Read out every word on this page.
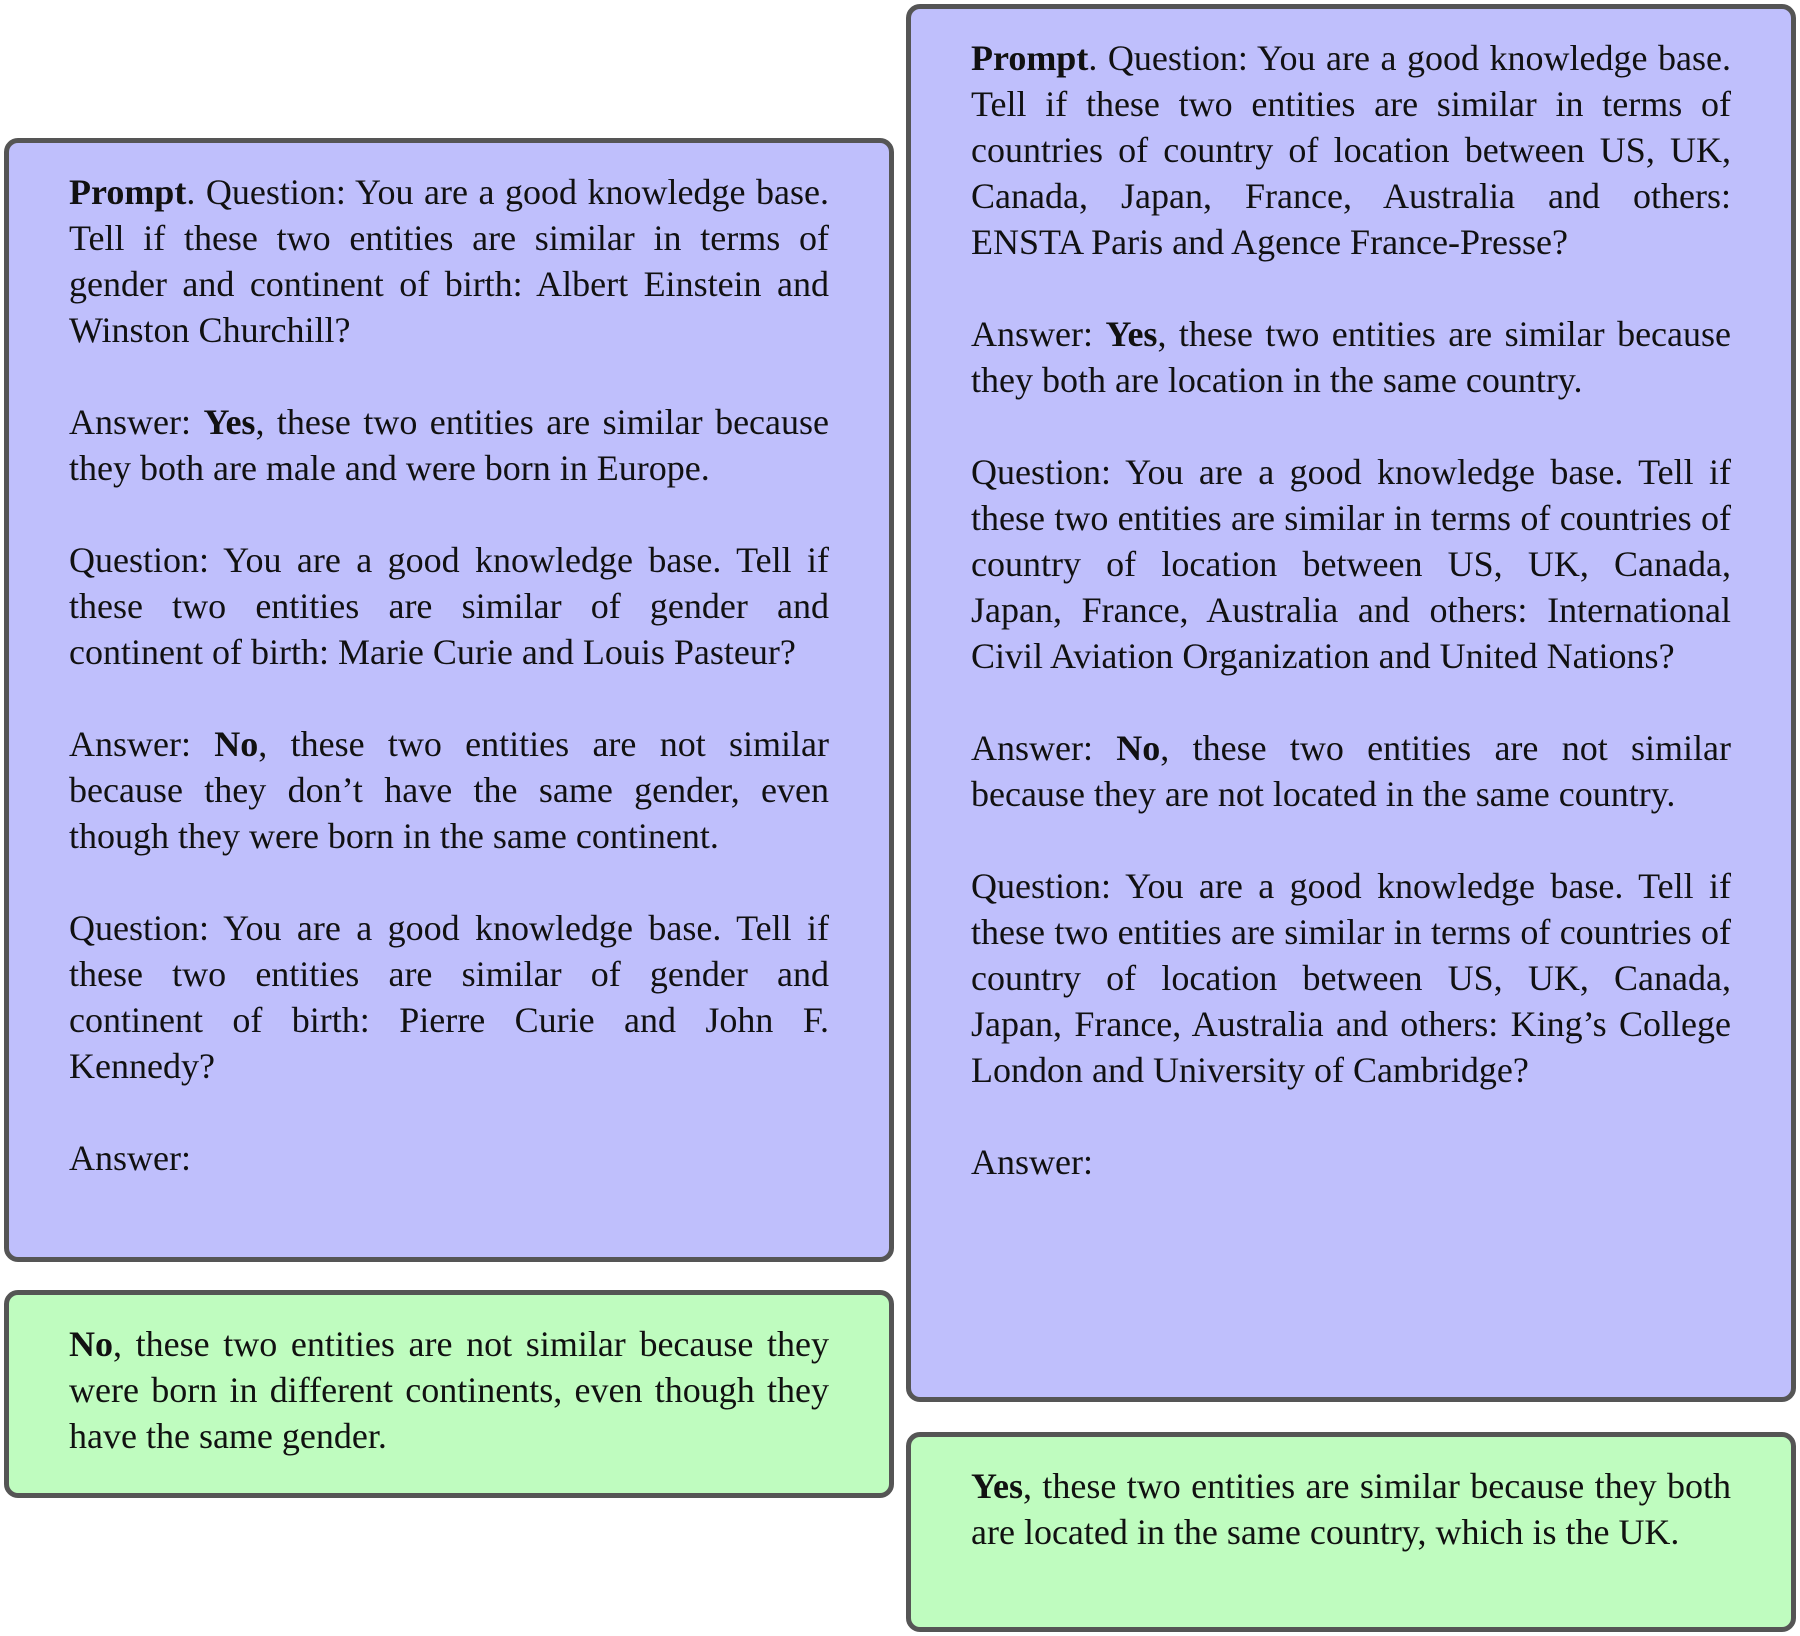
Prompt. Question: You are a good knowledge base. Tell if these two entities are similar in terms of gender and continent of birth: Albert Einstein and Winston Churchill?

Answer: Yes, these two entities are similar because they both are male and were born in Europe.

Question: You are a good knowledge base. Tell if these two entities are similar of gender and continent of birth: Marie Curie and Louis Pasteur?

Answer: No, these two entities are not similar because they don’t have the same gender, even though they were born in the same continent.

Question: You are a good knowledge base. Tell if these two entities are similar of gender and continent of birth: Pierre Curie and John F. Kennedy?

Answer:

No, these two entities are not similar because they were born in different continents, even though they have the same gender.

Prompt. Question: You are a good knowledge base. Tell if these two entities are similar in terms of countries of country of location between US, UK, Canada, Japan, France, Australia and others: ENSTA Paris and Agence France-Presse?

Answer: Yes, these two entities are similar because they both are location in the same country.

Question: You are a good knowledge base. Tell if these two entities are similar in terms of countries of country of location between US, UK, Canada, Japan, France, Australia and others: International Civil Aviation Organization and United Nations?

Answer: No, these two entities are not similar because they are not located in the same country.

Question: You are a good knowledge base. Tell if these two entities are similar in terms of countries of country of location between US, UK, Canada, Japan, France, Australia and others: King’s College London and University of Cambridge?

Answer:

Yes, these two entities are similar because they both are located in the same country, which is the UK.
